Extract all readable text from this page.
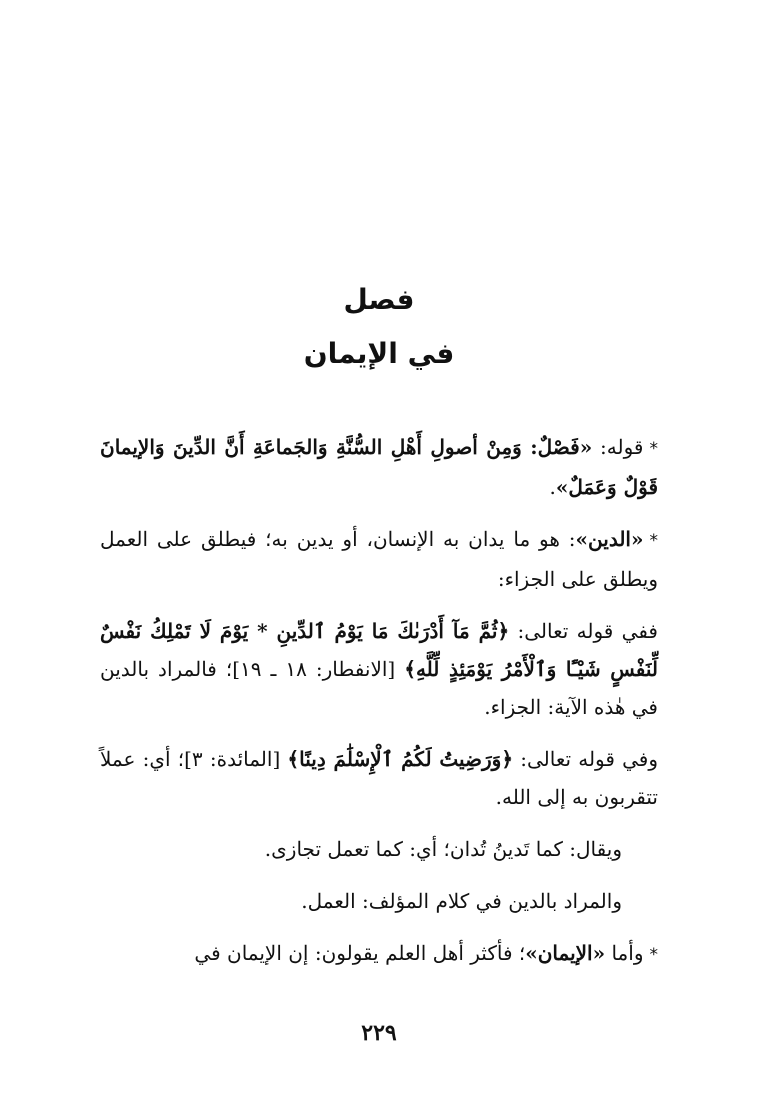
فصل
في الإيمان

*قوله: «فَصْلٌ: وَمِنْ أصولِ أَهْلِ السُّنَّةِ وَالجَماعَةِ أَنَّ الدِّينَ وَالإيمانَ قَوْلٌ وَعَمَلٌ».

*«الدين»: هو ما يدان به الإنسان، أو يدين به؛ فيطلق على العمل ويطلق على الجزاء:

ففي قوله تعالى: ﴿ثُمَّ مَآ أَدْرَىٰكَ مَا يَوْمُ ٱلدِّينِ * يَوْمَ لَا تَمْلِكُ نَفْسٌ لِّنَفْسٍ شَيْـًٔا وَٱلْأَمْرُ يَوْمَئِذٍ لِّلَّهِ﴾ [الانفطار: ١٨ ـ ١٩]؛ فالمراد بالدين في هٰذه الآية: الجزاء.

وفي قوله تعالى: ﴿وَرَضِيتُ لَكُمُ ٱلْإِسْلَٰمَ دِينًا﴾ [المائدة: ٣]؛ أي: عملاً تتقربون به إلى الله.

ويقال: كما تَدينُ تُدان؛ أي: كما تعمل تجازى.

والمراد بالدين في كلام المؤلف: العمل.

*وأما «الإيمان»؛ فأكثر أهل العلم يقولون: إن الإيمان في

٢٢٩
